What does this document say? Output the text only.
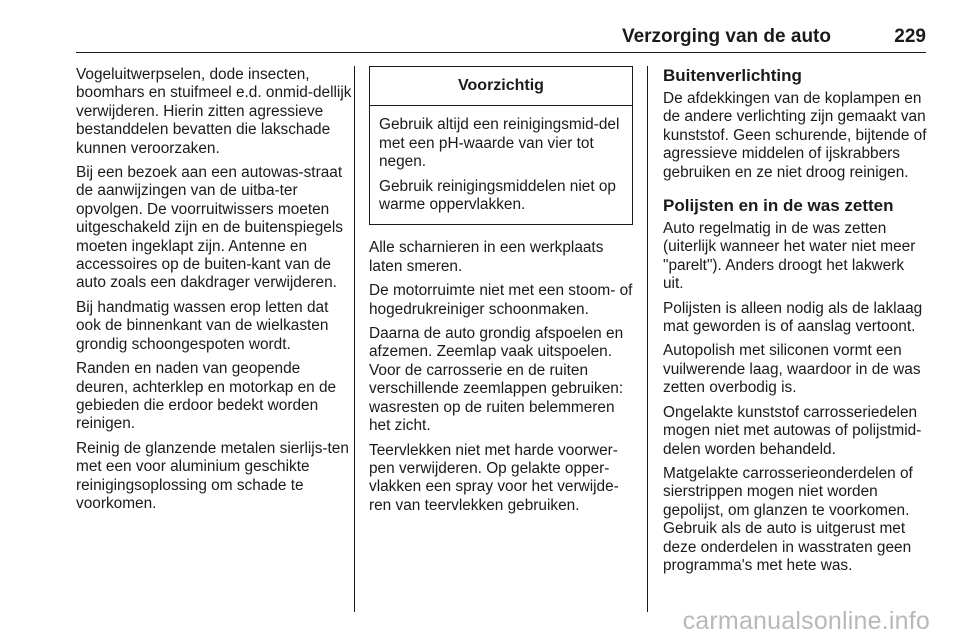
Verzorging van de auto	229

Vogeluitwerpselen, dode insecten, boomhars en stuifmeel e.d. onmid-dellijk verwijderen. Hierin zitten agressieve bestanddelen bevatten die lakschade kunnen veroorzaken.

Bij een bezoek aan een autowas-straat de aanwijzingen van de uitba-ter opvolgen. De voorruitwissers moeten uitgeschakeld zijn en de buitenspiegels moeten ingeklapt zijn. Antenne en accessoires op de buiten-kant van de auto zoals een dakdrager verwijderen.

Bij handmatig wassen erop letten dat ook de binnenkant van de wielkasten grondig schoongespoten wordt.

Randen en naden van geopende deuren, achterklep en motorkap en de gebieden die erdoor bedekt worden reinigen.

Reinig de glanzende metalen sierlijs-ten met een voor aluminium geschikte reinigingsoplossing om schade te voorkomen.

Voorzichtig

Gebruik altijd een reinigingsmid-del met een pH-waarde van vier tot negen.

Gebruik reinigingsmiddelen niet op warme oppervlakken.

Alle scharnieren in een werkplaats laten smeren.

De motorruimte niet met een stoom- of hogedrukreiniger schoonmaken.

Daarna de auto grondig afspoelen en afzemen. Zeemlap vaak uitspoelen. Voor de carrosserie en de ruiten verschillende zeemlappen gebruiken: wasresten op de ruiten belemmeren het zicht.

Teervlekken niet met harde voorwer-pen verwijderen. Op gelakte opper-vlakken een spray voor het verwijde-ren van teervlekken gebruiken.

Buitenverlichting

De afdekkingen van de koplampen en de andere verlichting zijn gemaakt van kunststof. Geen schurende, bijtende of agressieve middelen of ijskrabbers gebruiken en ze niet droog reinigen.

Polijsten en in de was zetten

Auto regelmatig in de was zetten (uiterlijk wanneer het water niet meer "parelt"). Anders droogt het lakwerk uit.

Polijsten is alleen nodig als de laklaag mat geworden is of aanslag vertoont.

Autopolish met siliconen vormt een vuilwerende laag, waardoor in de was zetten overbodig is.

Ongelakte kunststof carrosseriedelen mogen niet met autowas of polijstmid-delen worden behandeld.

Matgelakte carrosserieonderdelen of sierstrippen mogen niet worden gepolijst, om glanzen te voorkomen. Gebruik als de auto is uitgerust met deze onderdelen in wasstraten geen programma's met hete was.

carmanualsonline.info
